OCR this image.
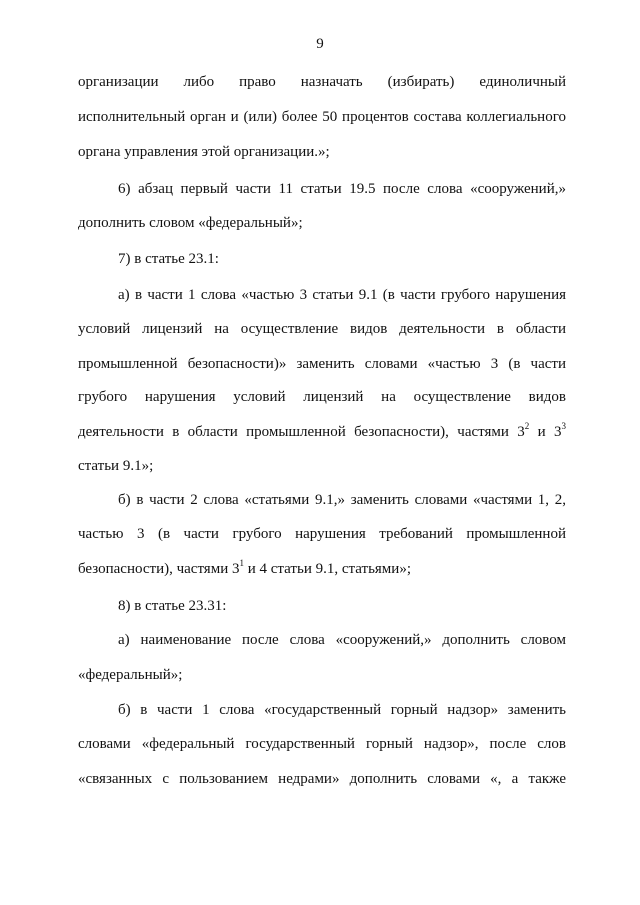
9
организации либо право назначать (избирать) единоличный
исполнительный орган и (или) более 50 процентов состава коллегиального
органа управления этой организации.»;
6) абзац первый части 11 статьи 19.5 после слова «сооружений,»
дополнить словом «федеральный»;
7) в статье 23.1:
а) в части 1 слова «частью 3 статьи 9.1 (в части грубого нарушения
условий лицензий на осуществление видов деятельности в области
промышленной безопасности)» заменить словами «частью 3 (в части
грубого нарушения условий лицензий на осуществление видов
деятельности в области промышленной безопасности), частями $3^2$ и $3^3$
статьи 9.1»;
б) в части 2 слова «статьями 9.1,» заменить словами «частями 1, 2,
частью 3 (в части грубого нарушения требований промышленной
безопасности), частями $3^1$ и 4 статьи 9.1, статьями»;
8) в статье 23.31:
а) наименование после слова «сооружений,» дополнить словом
«федеральный»;
б) в части 1 слова «государственный горный надзор» заменить
словами «федеральный государственный горный надзор», после слов
«связанных с пользованием недрами» дополнить словами «, а также
